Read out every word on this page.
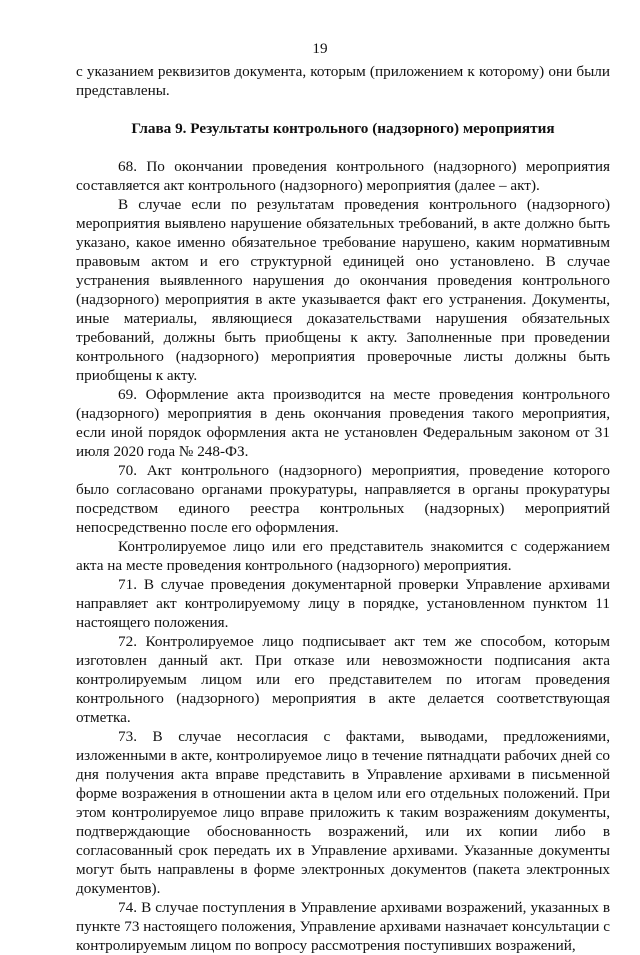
19

с указанием реквизитов документа, которым (приложением к которому) они были представлены.

Глава 9. Результаты контрольного (надзорного) мероприятия

68. По окончании проведения контрольного (надзорного) мероприятия составляется акт контрольного (надзорного) мероприятия (далее – акт).

В случае если по результатам проведения контрольного (надзорного) мероприятия выявлено нарушение обязательных требований, в акте должно быть указано, какое именно обязательное требование нарушено, каким нормативным правовым актом и его структурной единицей оно установлено. В случае устранения выявленного нарушения до окончания проведения контрольного (надзорного) мероприятия в акте указывается факт его устранения. Документы, иные материалы, являющиеся доказательствами нарушения обязательных требований, должны быть приобщены к акту. Заполненные при проведении контрольного (надзорного) мероприятия проверочные листы должны быть приобщены к акту.

69. Оформление акта производится на месте проведения контрольного (надзорного) мероприятия в день окончания проведения такого мероприятия, если иной порядок оформления акта не установлен Федеральным законом от 31 июля 2020 года № 248-ФЗ.

70. Акт контрольного (надзорного) мероприятия, проведение которого было согласовано органами прокуратуры, направляется в органы прокуратуры посредством единого реестра контрольных (надзорных) мероприятий непосредственно после его оформления.

Контролируемое лицо или его представитель знакомится с содержанием акта на месте проведения контрольного (надзорного) мероприятия.

71. В случае проведения документарной проверки Управление архивами направляет акт контролируемому лицу в порядке, установленном пунктом 11 настоящего положения.

72. Контролируемое лицо подписывает акт тем же способом, которым изготовлен данный акт. При отказе или невозможности подписания акта контролируемым лицом или его представителем по итогам проведения контрольного (надзорного) мероприятия в акте делается соответствующая отметка.

73. В случае несогласия с фактами, выводами, предложениями, изложенными в акте, контролируемое лицо в течение пятнадцати рабочих дней со дня получения акта вправе представить в Управление архивами в письменной форме возражения в отношении акта в целом или его отдельных положений. При этом контролируемое лицо вправе приложить к таким возражениям документы, подтверждающие обоснованность возражений, или их копии либо в согласованный срок передать их в Управление архивами. Указанные документы могут быть направлены в форме электронных документов (пакета электронных документов).

74. В случае поступления в Управление архивами возражений, указанных в пункте 73 настоящего положения, Управление архивами назначает консультации с контролируемым лицом по вопросу рассмотрения поступивших возражений,
